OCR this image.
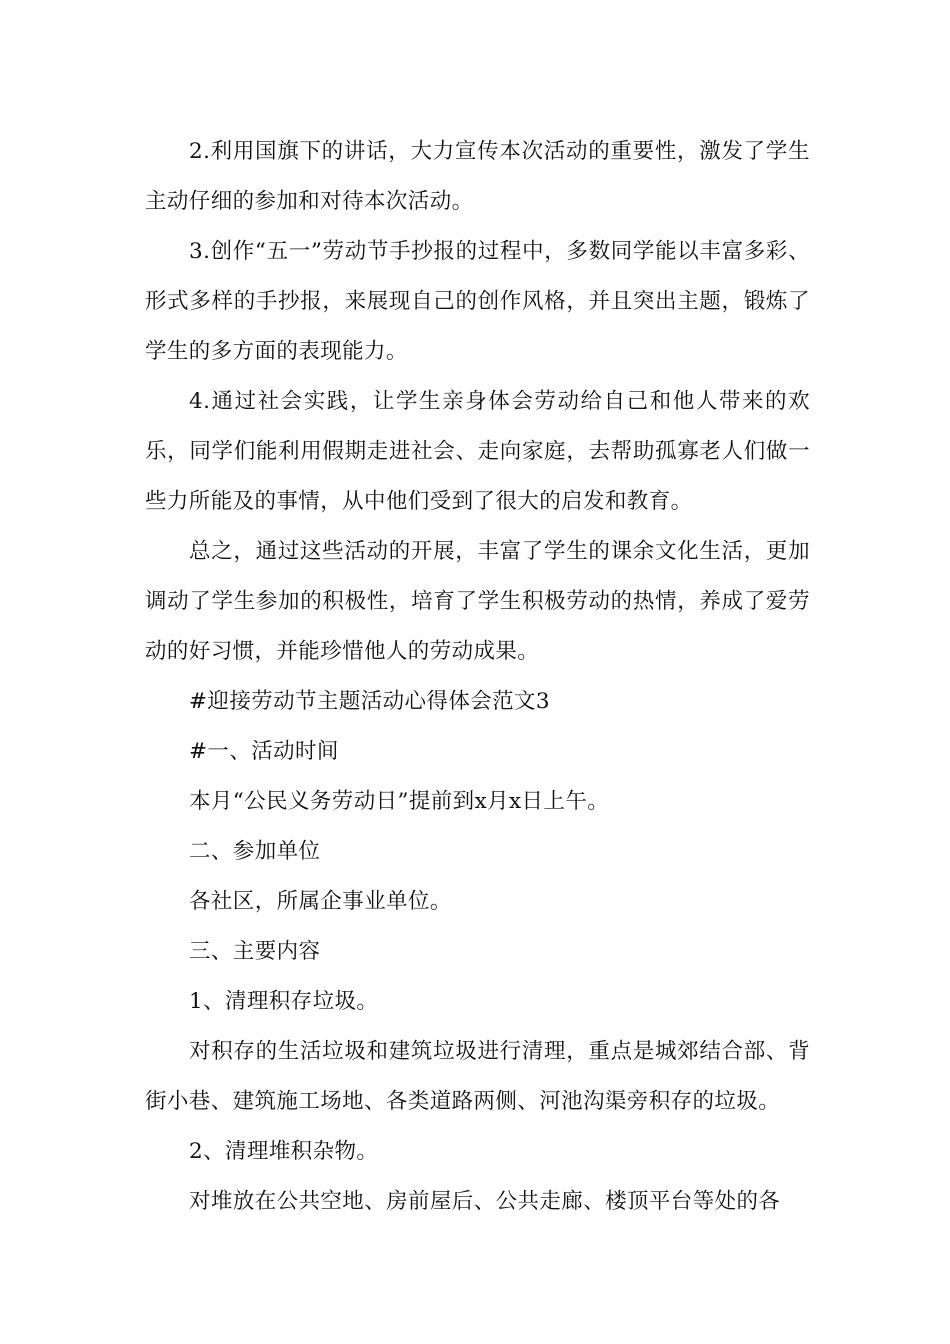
2.利用国旗下的讲话，大力宣传本次活动的重要性，激发了学生主动仔细的参加和对待本次活动。

3.创作“五一”劳动节手抄报的过程中，多数同学能以丰富多彩、形式多样的手抄报，来展现自己的创作风格，并且突出主题，锻炼了学生的多方面的表现能力。

4.通过社会实践，让学生亲身体会劳动给自己和他人带来的欢乐，同学们能利用假期走进社会、走向家庭，去帮助孤寡老人们做一些力所能及的事情，从中他们受到了很大的启发和教育。

总之，通过这些活动的开展，丰富了学生的课余文化生活，更加调动了学生参加的积极性，培育了学生积极劳动的热情，养成了爱劳动的好习惯，并能珍惜他人的劳动成果。

#迎接劳动节主题活动心得体会范文3

#一、活动时间

本月“公民义务劳动日”提前到x月x日上午。

二、参加单位

各社区，所属企事业单位。

三、主要内容

1、清理积存垃圾。

对积存的生活垃圾和建筑垃圾进行清理，重点是城郊结合部、背街小巷、建筑施工场地、各类道路两侧、河池沟渠旁积存的垃圾。

2、清理堆积杂物。

对堆放在公共空地、房前屋后、公共走廊、楼顶平台等处的各
